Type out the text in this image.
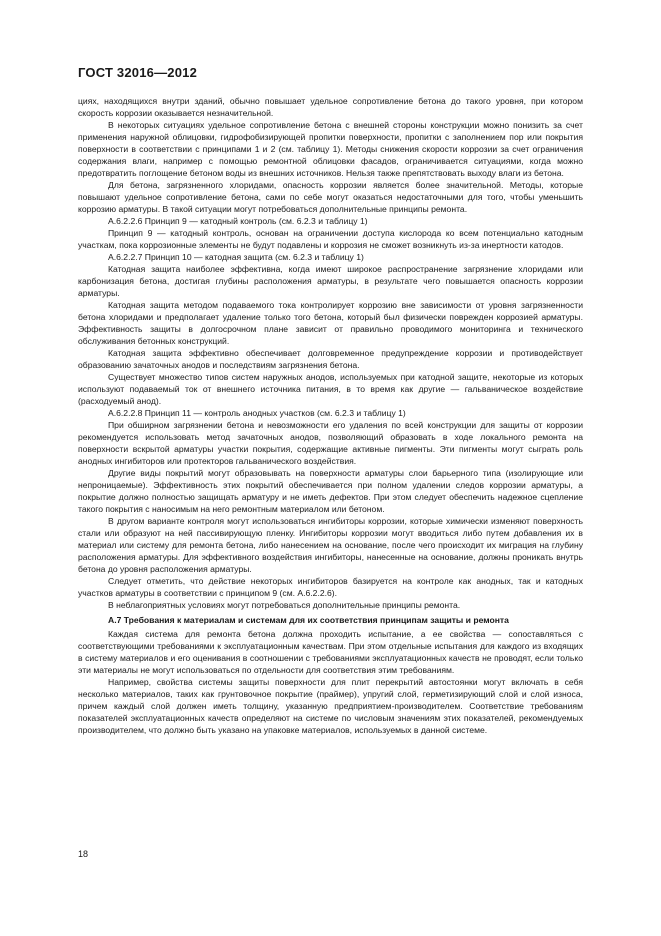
ГОСТ 32016—2012

циях, находящихся внутри зданий, обычно повышает удельное сопротивление бетона до такого уровня, при котором скорость коррозии оказывается незначительной.

В некоторых ситуациях удельное сопротивление бетона с внешней стороны конструкции можно понизить за счет применения наружной облицовки, гидрофобизирующей пропитки поверхности, пропитки с заполнением пор или покрытия поверхности в соответствии с принципами 1 и 2 (см. таблицу 1). Методы снижения скорости коррозии за счет ограничения содержания влаги, например с помощью ремонтной облицовки фасадов, ограничивается ситуациями, когда можно предотвратить поглощение бетоном воды из внешних источников. Нельзя также препятствовать выходу влаги из бетона.

Для бетона, загрязненного хлоридами, опасность коррозии является более значительной. Методы, которые повышают удельное сопротивление бетона, сами по себе могут оказаться недостаточными для того, чтобы уменьшить коррозию арматуры. В такой ситуации могут потребоваться дополнительные принципы ремонта.

А.6.2.2.6 Принцип 9 — катодный контроль (см. 6.2.3 и таблицу 1)

Принцип 9 — катодный контроль, основан на ограничении доступа кислорода ко всем потенциально катодным участкам, пока коррозионные элементы не будут подавлены и коррозия не сможет возникнуть из-за инертности катодов.

А.6.2.2.7 Принцип 10 — катодная защита (см. 6.2.3 и таблицу 1)

Катодная защита наиболее эффективна, когда имеют широкое распространение загрязнение хлоридами или карбонизация бетона, достигая глубины расположения арматуры, в результате чего повышается опасность коррозии арматуры.

Катодная защита методом подаваемого тока контролирует коррозию вне зависимости от уровня загрязненности бетона хлоридами и предполагает удаление только того бетона, который был физически поврежден коррозией арматуры. Эффективность защиты в долгосрочном плане зависит от правильно проводимого мониторинга и технического обслуживания бетонных конструкций.

Катодная защита эффективно обеспечивает долговременное предупреждение коррозии и противодействует образованию зачаточных анодов и последствиям загрязнения бетона.

Существует множество типов систем наружных анодов, используемых при катодной защите, некоторые из которых используют подаваемый ток от внешнего источника питания, в то время как другие — гальваническое воздействие (расходуемый анод).

А.6.2.2.8 Принцип 11 — контроль анодных участков (см. 6.2.3 и таблицу 1)

При обширном загрязнении бетона и невозможности его удаления по всей конструкции для защиты от коррозии рекомендуется использовать метод зачаточных анодов, позволяющий образовать в ходе локального ремонта на поверхности вскрытой арматуры участки покрытия, содержащие активные пигменты. Эти пигменты могут сыграть роль анодных ингибиторов или протекторов гальванического воздействия.

Другие виды покрытий могут образовывать на поверхности арматуры слои барьерного типа (изолирующие или непроницаемые). Эффективность этих покрытий обеспечивается при полном удалении следов коррозии арматуры, а покрытие должно полностью защищать арматуру и не иметь дефектов. При этом следует обеспечить надежное сцепление такого покрытия с наносимым на него ремонтным материалом или бетоном.

В другом варианте контроля могут использоваться ингибиторы коррозии, которые химически изменяют поверхность стали или образуют на ней пассивирующую пленку. Ингибиторы коррозии могут вводиться либо путем добавления их в материал или систему для ремонта бетона, либо нанесением на основание, после чего происходит их миграция на глубину расположения арматуры. Для эффективного воздействия ингибиторы, нанесенные на основание, должны проникать внутрь бетона до уровня расположения арматуры.

Следует отметить, что действие некоторых ингибиторов базируется на контроле как анодных, так и катодных участков арматуры в соответствии с принципом 9 (см. А.6.2.2.6).

В неблагоприятных условиях могут потребоваться дополнительные принципы ремонта.

А.7 Требования к материалам и системам для их соответствия принципам защиты и ремонта

Каждая система для ремонта бетона должна проходить испытание, а ее свойства — сопоставляться с соответствующими требованиями к эксплуатационным качествам. При этом отдельные испытания для каждого из входящих в систему материалов и его оценивания в соотношении с требованиями эксплуатационных качеств не проводят, если только эти материалы не могут использоваться по отдельности для соответствия этим требованиям.

Например, свойства системы защиты поверхности для плит перекрытий автостоянки могут включать в себя несколько материалов, таких как грунтовочное покрытие (праймер), упругий слой, герметизирующий слой и слой износа, причем каждый слой должен иметь толщину, указанную предприятием-производителем. Соответствие требованиям показателей эксплуатационных качеств определяют на системе по числовым значениям этих показателей, рекомендуемых производителем, что должно быть указано на упаковке материалов, используемых в данной системе.

18
